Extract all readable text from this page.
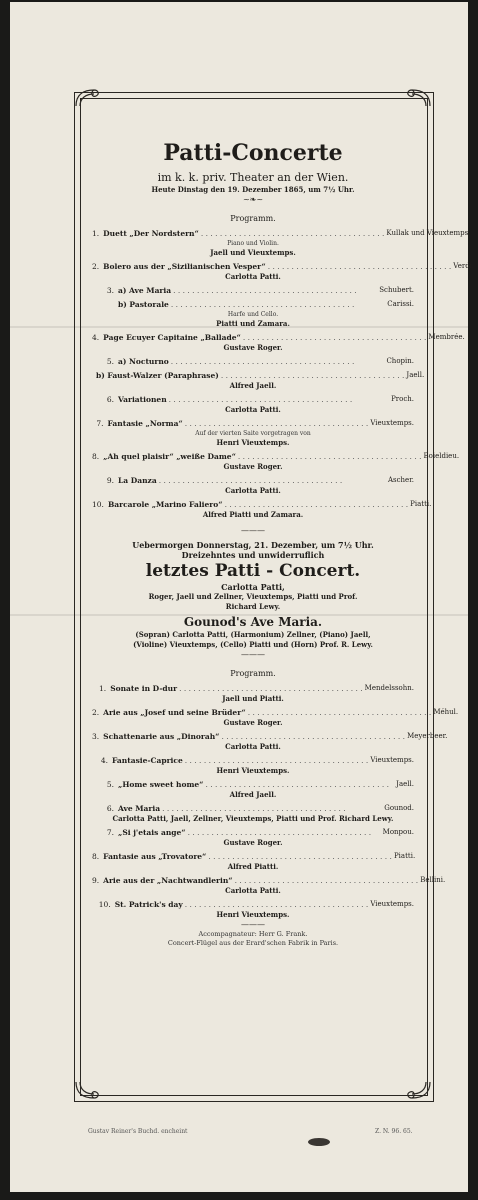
Patti-Concerte
im k. k. priv. Theater an der Wien.
Heute Dinstag den 19. Dezember 1865, um 7½ Uhr.
~❧~
Programm.
1. Duett „Der Nordstern“ . . . . . . . . . . . . . . . . . . . . . . . . . . . . . . . . . . . . . . . Kullak und Vieuxtemps.
Piano und Violin.
Jaell und Vieuxtemps.
2. Bolero aus der „Sizilianischen Vesper“ . . . . . . . . . . . . . . . . . . . . . . . . . . . . . . . . . . . . . . . Verdi.
Carlotta Patti.
3. a) Ave Maria . . . . . . . . . . . . . . . . . . . . . . . . . . . . . . . . . . . . . . .	Schubert.
b) Pastorale . . . . . . . . . . . . . . . . . . . . . . . . . . . . . . . . . . . . . . .	Carissi.
Harfe und Cello.
Piatti und Zamara.
4. Page Ecuyer Capitaine „Ballade“ . . . . . . . . . . . . . . . . . . . . . . . . . . . . . . . . . . . . . . . Membrée.
Gustave Roger.
5. a) Nocturno . . . . . . . . . . . . . . . . . . . . . . . . . . . . . . . . . . . . . . .	Chopin.
b) Faust-Walzer (Paraphrase) . . . . . . . . . . . . . . . . . . . . . . . . . . . . . . . . . . . . . . . Jaell.
Alfred Jaell.
6. Variationen . . . . . . . . . . . . . . . . . . . . . . . . . . . . . . . . . . . . . . .	Proch.
Carlotta Patti.
7. Fantasie „Norma“ . . . . . . . . . . . . . . . . . . . . . . . . . . . . . . . . . . . . . . . Vieuxtemps.
Auf der vierten Saite vorgetragen von
Henri Vieuxtemps.
8. „Ah quel plaisir“ „weiße Dame“ . . . . . . . . . . . . . . . . . . . . . . . . . . . . . . . . . . . . . . . Boieldieu.
Gustave Roger.
9. La Danza . . . . . . . . . . . . . . . . . . . . . . . . . . . . . . . . . . . . . . .	Ascher.
Carlotta Patti.
10. Barcarole „Marino Faliero“ . . . . . . . . . . . . . . . . . . . . . . . . . . . . . . . . . . . . . . . Piatti.
Alfred Piatti und Zamara.
———
Uebermorgen Donnerstag, 21. Dezember, um 7½ Uhr.
Dreizehntes und unwiderruflich
letztes Patti - Concert.
Carlotta Patti,
Roger, Jaell und Zellner, Vieuxtemps, Piatti und Prof.
Richard Lewy.
Gounod's Ave Maria.
(Sopran) Carlotta Patti, (Harmonium) Zellner, (Piano) Jaell,
(Violine) Vieuxtemps, (Cello) Piatti und (Horn) Prof. R. Lewy.
———
Programm.
1. Sonate in D-dur . . . . . . . . . . . . . . . . . . . . . . . . . . . . . . . . . . . . . . . Mendelssohn.
Jaell und Piatti.
2. Arie aus „Josef und seine Brüder“ . . . . . . . . . . . . . . . . . . . . . . . . . . . . . . . . . . . . . . . Méhul.
Gustave Roger.
3. Schattenarie aus „Dinorah“ . . . . . . . . . . . . . . . . . . . . . . . . . . . . . . . . . . . . . . . Meyerbeer.
Carlotta Patti.
4. Fantasie-Caprice . . . . . . . . . . . . . . . . . . . . . . . . . . . . . . . . . . . . . . . Vieuxtemps.
Henri Vieuxtemps.
5. „Home sweet home“ . . . . . . . . . . . . . . . . . . . . . . . . . . . . . . . . . . . . . . .	Jaell.
Alfred Jaell.
6. Ave Maria . . . . . . . . . . . . . . . . . . . . . . . . . . . . . . . . . . . . . . .	Gounod.
Carlotta Patti, Jaell, Zellner, Vieuxtemps, Piatti und Prof. Richard Lewy.
7. „Si j'etais ange“ . . . . . . . . . . . . . . . . . . . . . . . . . . . . . . . . . . . . . . .	Monpou.
Gustave Roger.
8. Fantasie aus „Trovatore“ . . . . . . . . . . . . . . . . . . . . . . . . . . . . . . . . . . . . . . . Piatti.
Alfred Piatti.
9. Arie aus der „Nachtwandlerin“ . . . . . . . . . . . . . . . . . . . . . . . . . . . . . . . . . . . . . . . Bellini.
Carlotta Patti.
10. St. Patrick's day . . . . . . . . . . . . . . . . . . . . . . . . . . . . . . . . . . . . . . . Vieuxtemps.
Henri Vieuxtemps.
———
Accompagnateur: Herr G. Frank.
Concert-Flügel aus der Erard'schen Fabrik in Paris.
Gustav Reiner's Buchd. encheint	Z. N. 96. 65.
